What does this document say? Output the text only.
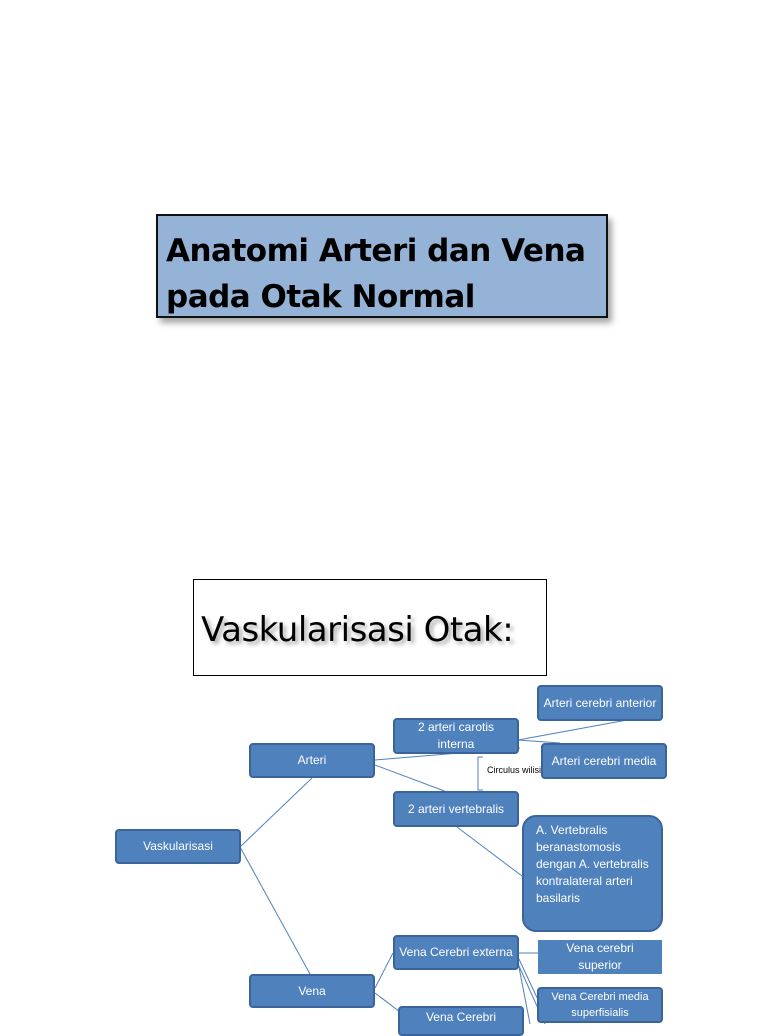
Anatomi Arteri dan Vena pada Otak Normal
Vaskularisasi Otak:
Circulus wilisi
Vaskularisasi
Arteri
2 arteri carotis interna
2 arteri vertebralis
Arteri cerebri anterior
Arteri cerebri media
A. Vertebralis beranastomosis dengan A. vertebralis kontralateral arteri basilaris
Vena
Vena Cerebri externa
Vena Cerebri
Vena cerebri superior
Vena Cerebri media superfisialis
